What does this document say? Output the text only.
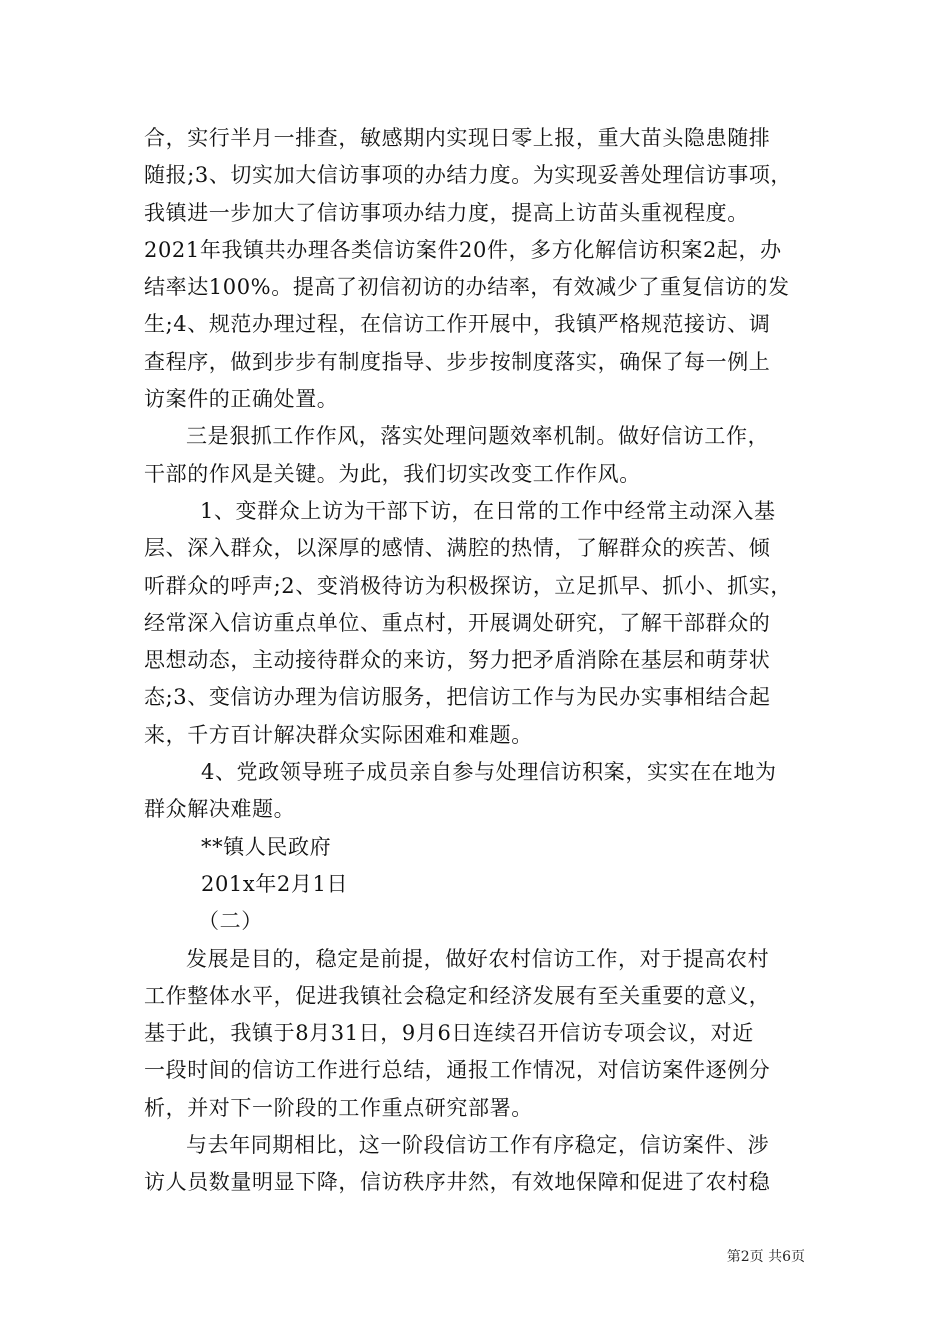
合，实行半月一排查，敏感期内实现日零上报，重大苗头隐患随排
随报;3、切实加大信访事项的办结力度。为实现妥善处理信访事项，
我镇进一步加大了信访事项办结力度，提高上访苗头重视程度。
2021年我镇共办理各类信访案件20件，多方化解信访积案2起，办
结率达100%。提高了初信初访的办结率，有效减少了重复信访的发
生;4、规范办理过程，在信访工作开展中，我镇严格规范接访、调
查程序，做到步步有制度指导、步步按制度落实，确保了每一例上
访案件的正确处置。
三是狠抓工作作风，落实处理问题效率机制。做好信访工作，
干部的作风是关键。为此，我们切实改变工作作风。
1、变群众上访为干部下访，在日常的工作中经常主动深入基
层、深入群众，以深厚的感情、满腔的热情，了解群众的疾苦、倾
听群众的呼声;2、变消极待访为积极探访，立足抓早、抓小、抓实，
经常深入信访重点单位、重点村，开展调处研究，了解干部群众的
思想动态，主动接待群众的来访，努力把矛盾消除在基层和萌芽状
态;3、变信访办理为信访服务，把信访工作与为民办实事相结合起
来，千方百计解决群众实际困难和难题。
4、党政领导班子成员亲自参与处理信访积案，实实在在地为
群众解决难题。
**镇人民政府
201x年2月1日
（二）
发展是目的，稳定是前提，做好农村信访工作，对于提高农村
工作整体水平，促进我镇社会稳定和经济发展有至关重要的意义，
基于此，我镇于8月31日，9月6日连续召开信访专项会议，对近
一段时间的信访工作进行总结，通报工作情况，对信访案件逐例分
析，并对下一阶段的工作重点研究部署。
与去年同期相比，这一阶段信访工作有序稳定，信访案件、涉
访人员数量明显下降，信访秩序井然，有效地保障和促进了农村稳
第2页 共6页
